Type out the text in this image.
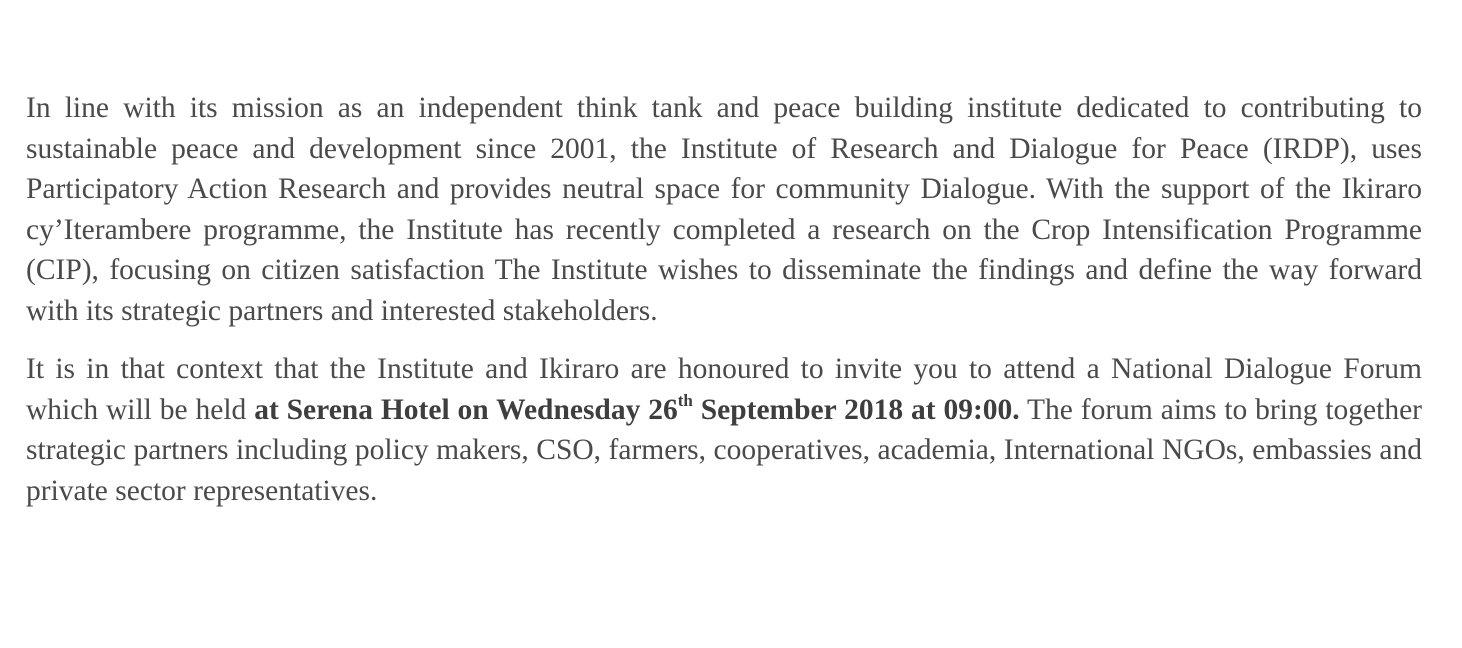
In line with its mission as an independent think tank and peace building institute dedicated to contributing to sustainable peace and development since 2001, the Institute of Research and Dialogue for Peace (IRDP), uses Participatory Action Research and provides neutral space for community Dialogue. With the support of the Ikiraro cy’Iterambere programme, the Institute has recently completed a research on the Crop Intensification Programme (CIP), focusing on citizen satisfaction The Institute wishes to disseminate the findings and define the way forward with its strategic partners and interested stakeholders.

It is in that context that the Institute and Ikiraro are honoured to invite you to attend a National Dialogue Forum which will be held at Serena Hotel on Wednesday 26th September 2018 at 09:00. The forum aims to bring together strategic partners including policy makers, CSO, farmers, cooperatives, academia, International NGOs, embassies and private sector representatives.
